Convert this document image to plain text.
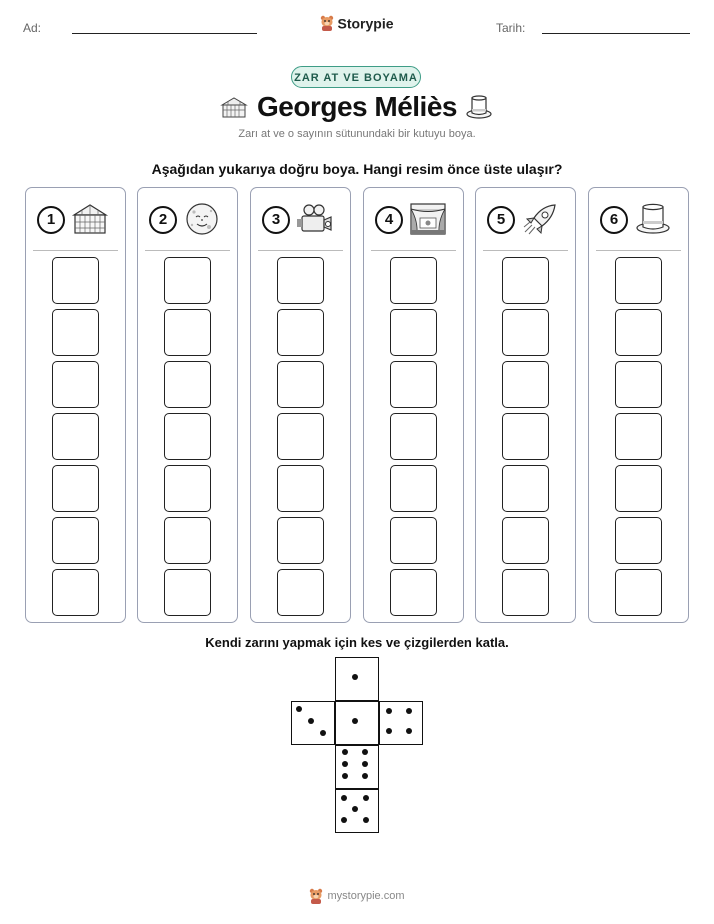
Ad:	Storypie	Tarih:
ZAR AT VE BOYAMA
Georges Méliès
Zarı at ve o sayının sütunundaki bir kutuyu boya.
Aşağıdan yukarıya doğru boya. Hangi resim önce üste ulaşır?
1	2	3	4	5	6
Kendi zarını yapmak için kes ve çizgilerden katla.
mystorypie.com
